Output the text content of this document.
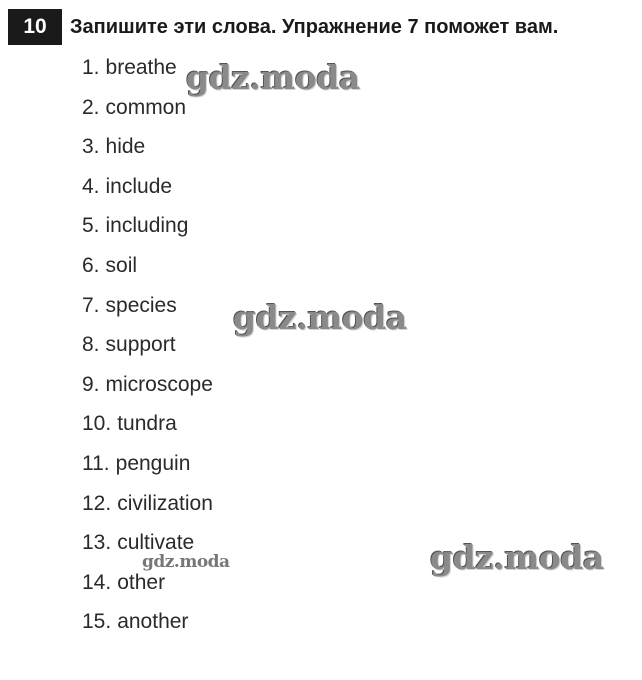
10	Запишите эти слова. Упражнение 7 поможет вам.
1. breathe
2. common
3. hide
4. include
5. including
6. soil
7. species
8. support
9. microscope
10. tundra
11. penguin
12. civilization
13. cultivate
14. other
15. another
gdz.moda
gdz.moda
gdz.moda
gdz.moda
